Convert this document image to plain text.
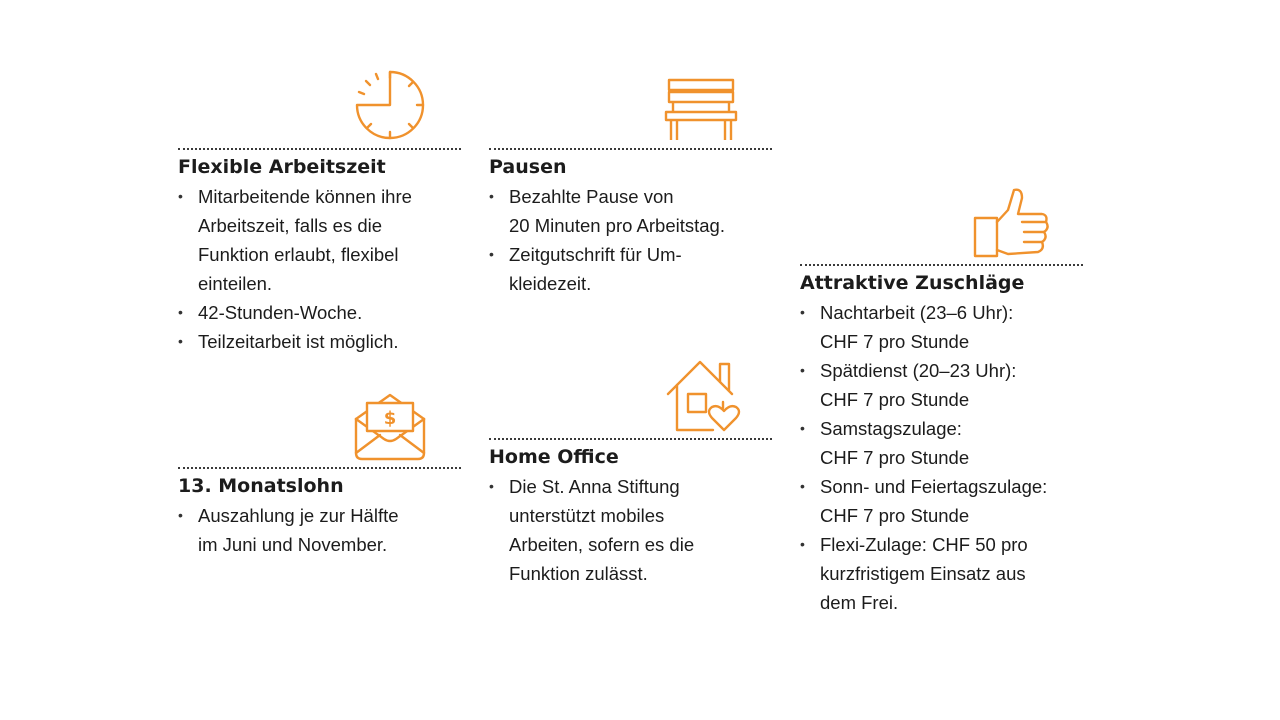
Flexible Arbeitszeit
• Mitarbeitende können ihre
Arbeitszeit, falls es die
Funktion erlaubt, flexibel
einteilen.
• 42-Stunden-Woche.
• Teilzeitarbeit ist möglich.
Pausen
• Bezahlte Pause von
20 Minuten pro Arbeitstag.
• Zeitgutschrift für Um-
kleidezeit.	Attraktive Zuschläge
• Nachtarbeit (23–6 Uhr):
CHF 7 pro Stunde
• Spätdienst (20–23 Uhr):
CHF 7 pro Stunde
• Samstagszulage:
CHF 7 pro Stunde
• Sonn- und Feiertagszulage:
CHF 7 pro Stunde
• Flexi-Zulage: CHF 50 pro
kurzfristigem Einsatz aus
dem Frei.
$
13. Monatslohn
• Auszahlung je zur Hälfte
im Juni und November.
Home Office
• Die St. Anna Stiftung
unterstützt mobiles
Arbeiten, sofern es die
Funktion zulässt.
